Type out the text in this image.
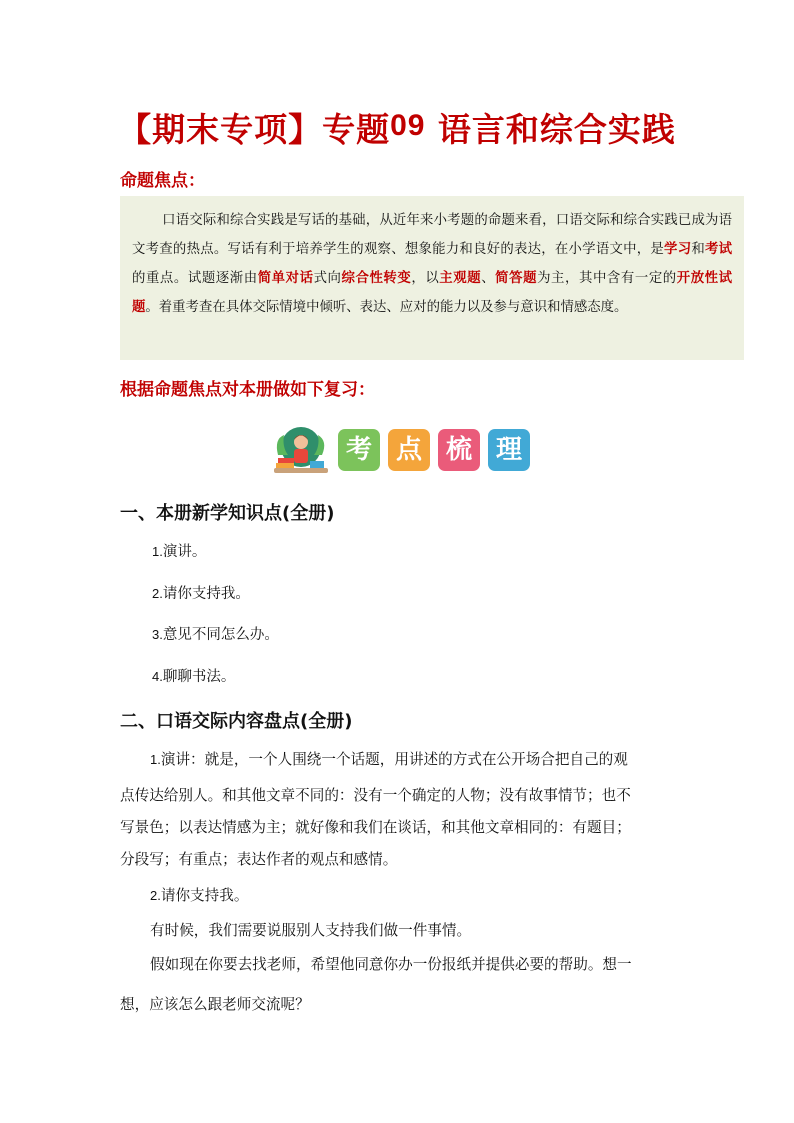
【期末专项】专题09 语言和综合实践
命题焦点：
口语交际和综合实践是写话的基础，从近年来小考题的命题来看，口语交际和综合实践已成为语文考查的热点。写话有利于培养学生的观察、想象能力和良好的表达，在小学语文中，是学习和考试的重点。试题逐渐由简单对话式向综合性转变，以主观题、简答题为主，其中含有一定的开放性试题。着重考查在具体交际情境中倾听、表达、应对的能力以及参与意识和情感态度。
根据命题焦点对本册做如下复习：
考 点 梳 理
一、本册新学知识点(全册)
1.演讲。
2.请你支持我。
3.意见不同怎么办。
4.聊聊书法。
二、口语交际内容盘点(全册)
1.演讲：就是，一个人围绕一个话题，用讲述的方式在公开场合把自己的观
点传达给别人。和其他文章不同的：没有一个确定的人物；没有故事情节；也不
写景色；以表达情感为主；就好像和我们在谈话，和其他文章相同的：有题目；
分段写；有重点；表达作者的观点和感情。
2.请你支持我。
有时候，我们需要说服别人支持我们做一件事情。
假如现在你要去找老师，希望他同意你办一份报纸并提供必要的帮助。想一
想，应该怎么跟老师交流呢？
